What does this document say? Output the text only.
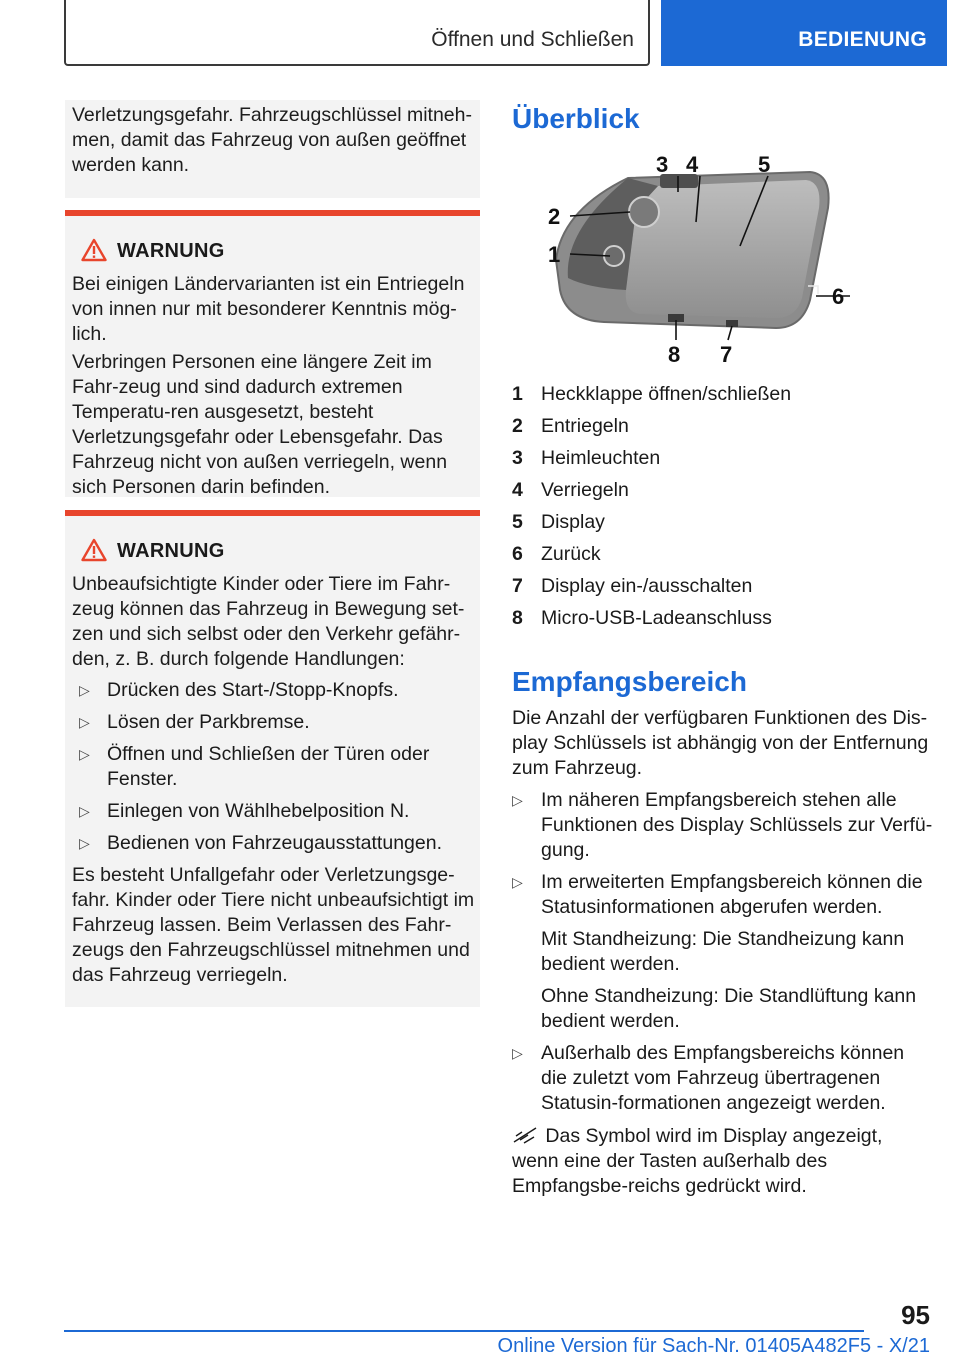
Öffnen und Schließen	BEDIENUNG
Verletzungsgefahr. Fahrzeugschlüssel mitneh-
men, damit das Fahrzeug von außen geöffnet
werden kann.
WARNUNG
Bei einigen Ländervarianten ist ein Entriegeln von innen nur mit besonderer Kenntnis mög-lich.
Verbringen Personen eine längere Zeit im Fahr-zeug und sind dadurch extremen Temperatu-ren ausgesetzt, besteht Verletzungsgefahr oder Lebensgefahr. Das Fahrzeug nicht von außen verriegeln, wenn sich Personen darin befinden.
WARNUNG
Unbeaufsichtigte Kinder oder Tiere im Fahr-zeug können das Fahrzeug in Bewegung set-zen und sich selbst oder den Verkehr gefähr-den, z. B. durch folgende Handlungen:
▷ Drücken des Start-/Stopp-Knopfs.
▷ Lösen der Parkbremse.
▷ Öffnen und Schließen der Türen oder Fenster.
▷ Einlegen von Wählhebelposition N.
▷ Bedienen von Fahrzeugausstattungen.
Es besteht Unfallgefahr oder Verletzungsge-fahr. Kinder oder Tiere nicht unbeaufsichtigt im Fahrzeug lassen. Beim Verlassen des Fahr-zeugs den Fahrzeugschlüssel mitnehmen und das Fahrzeug verriegeln.
Überblick
3 4	5
2
1
6
8 7
1 Heckklappe öffnen/schließen
2 Entriegeln
3 Heimleuchten
4 Verriegeln
5 Display
6 Zurück
7 Display ein-/ausschalten
8 Micro-USB-Ladeanschluss
Empfangsbereich
Die Anzahl der verfügbaren Funktionen des Dis-play Schlüssels ist abhängig von der Entfernung zum Fahrzeug.
▷ Im näheren Empfangsbereich stehen alle Funktionen des Display Schlüssels zur Verfü-gung.
▷ Im erweiterten Empfangsbereich können die Statusinformationen abgerufen werden.
Mit Standheizung: Die Standheizung kann bedient werden.
Ohne Standheizung: Die Standlüftung kann bedient werden.
▷ Außerhalb des Empfangsbereichs können die zuletzt vom Fahrzeug übertragenen Statusin-formationen angezeigt werden.
Das Symbol wird im Display angezeigt, wenn eine der Tasten außerhalb des Empfangsbe-reichs gedrückt wird.
95
Online Version für Sach-Nr. 01405A482F5 - X/21
